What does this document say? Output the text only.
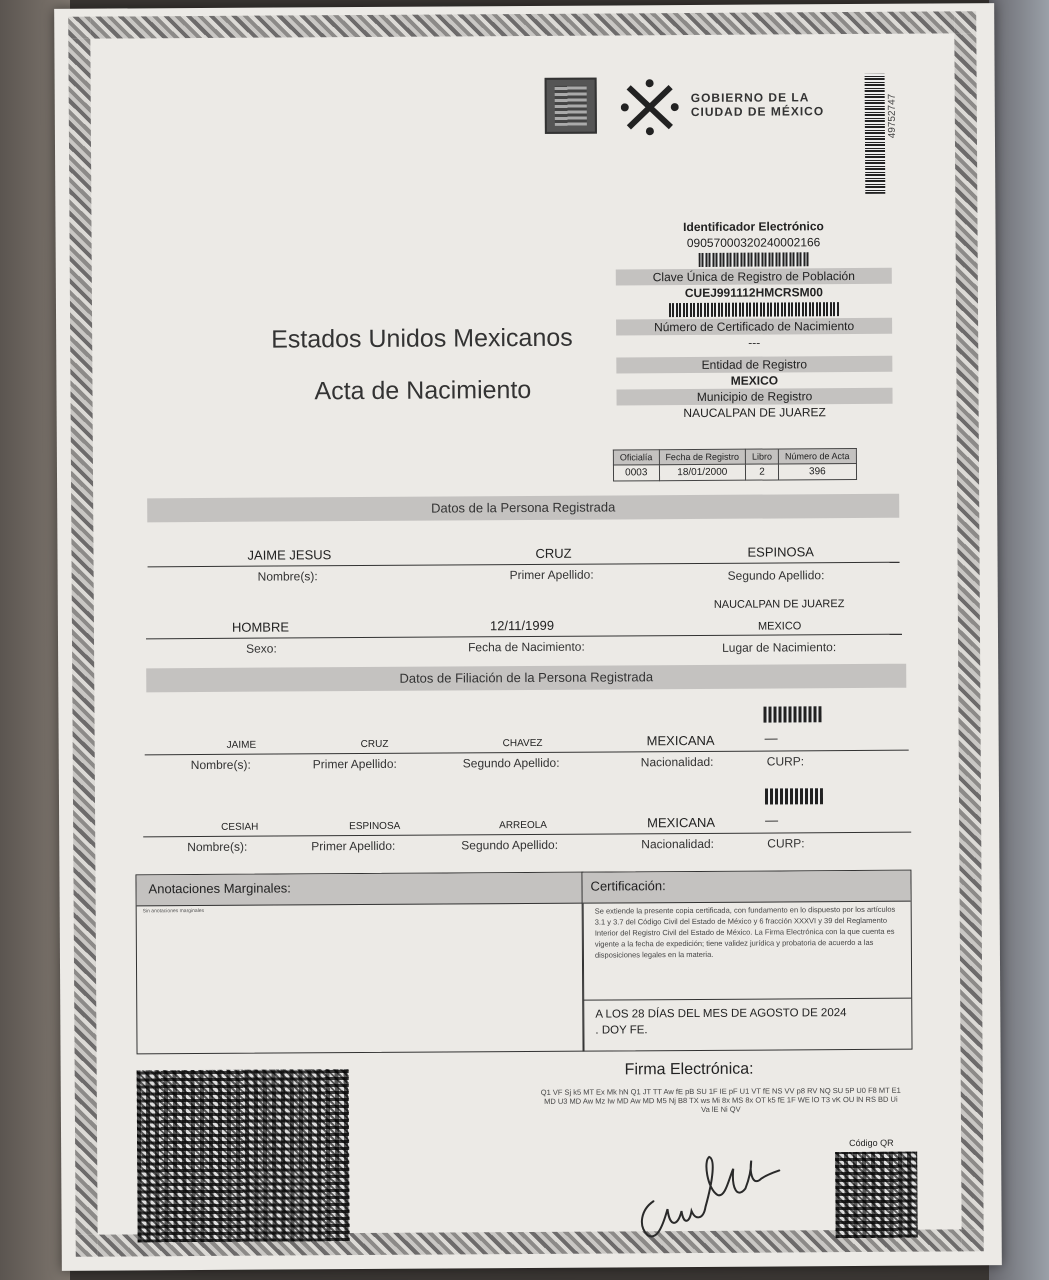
GOBIERNO DE LA
CIUDAD DE MÉXICO	49752747
Identificador Electrónico
09057000320240002166
Clave Única de Registro de Población
CUEJ991112HMCRSM00
Número de Certificado de Nacimiento
---
Entidad de Registro
MEXICO
Municipio de Registro
NAUCALPAN DE JUAREZ
Estados Unidos Mexicanos
Acta de Nacimiento
Oficialía	Fecha de Registro	Libro	Número de Acta
0003	18/01/2000	2	396
Datos de la Persona Registrada
JAIME JESUS	CRUZ	ESPINOSA
Nombre(s):	Primer Apellido:	Segundo Apellido:
NAUCALPAN DE JUAREZ
HOMBRE	12/11/1999	MEXICO
Sexo:	Fecha de Nacimiento:	Lugar de Nacimiento:
Datos de Filiación de la Persona Registrada
JAIME	CRUZ	CHAVEZ	MEXICANA	—
Nombre(s):	Primer Apellido:	Segundo Apellido:	Nacionalidad:	CURP:
CESIAH	ESPINOSA	ARREOLA	MEXICANA	—
Nombre(s):	Primer Apellido:	Segundo Apellido:	Nacionalidad:	CURP:
Anotaciones Marginales:
Sin anotaciones marginales
Certificación:
Se extiende la presente copia certificada, con fundamento en lo dispuesto por los artículos 3.1 y 3.7 del Código Civil del Estado de México y 6 fracción XXXVI y 39 del Reglamento Interior del Registro Civil del Estado de México. La Firma Electrónica con la que cuenta es vigente a la fecha de expedición; tiene validez jurídica y probatoria de acuerdo a las disposiciones legales en la materia.
A LOS 28 DÍAS DEL MES DE AGOSTO DE 2024
. DOY FE.
Firma Electrónica:
Q1 VF Sj k5 MT Ex Mk hN Q1 JT TT Aw fE pB SU 1F IE pF U1 VT fE NS VV p8 RV NQ SU 5P U0 F8 MT E1 MD U3 MD Aw Mz Iw MD Aw MD M5 Nj B8 TX ws Mi 8x MS 8x OT k5 fE 1F WE lO T3 vK OU lN RS BD Ui Va lE Ni QV
Código QR
